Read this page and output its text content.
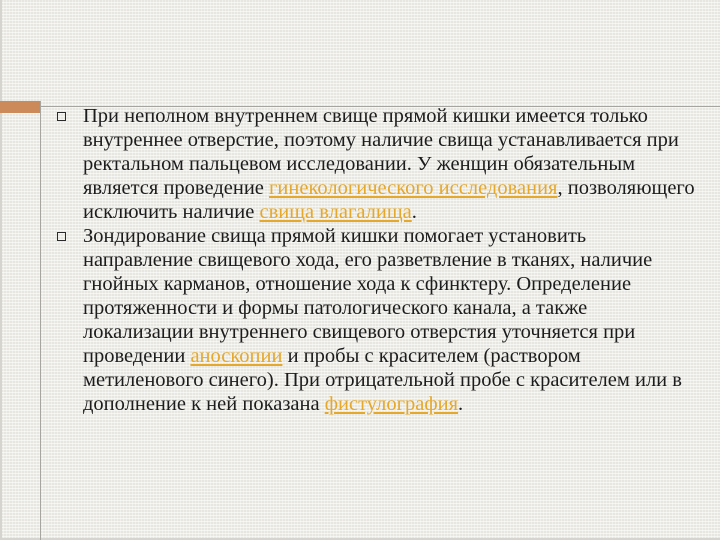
При неполном внутреннем свище прямой кишки имеется только внутреннее отверстие, поэтому наличие свища устанавливается при ректальном пальцевом исследовании. У женщин обязательным является проведение гинекологического исследования, позволяющего исключить наличие свища влагалища.
Зондирование свища прямой кишки помогает установить направление свищевого хода, его разветвление в тканях, наличие гнойных карманов, отношение хода к сфинктеру. Определение протяженности и формы патологического канала, а также локализации внутреннего свищевого отверстия уточняется при проведении аноскопии и пробы с красителем (раствором метиленового синего). При отрицательной пробе с красителем или в дополнение к ней показана фистулография.
